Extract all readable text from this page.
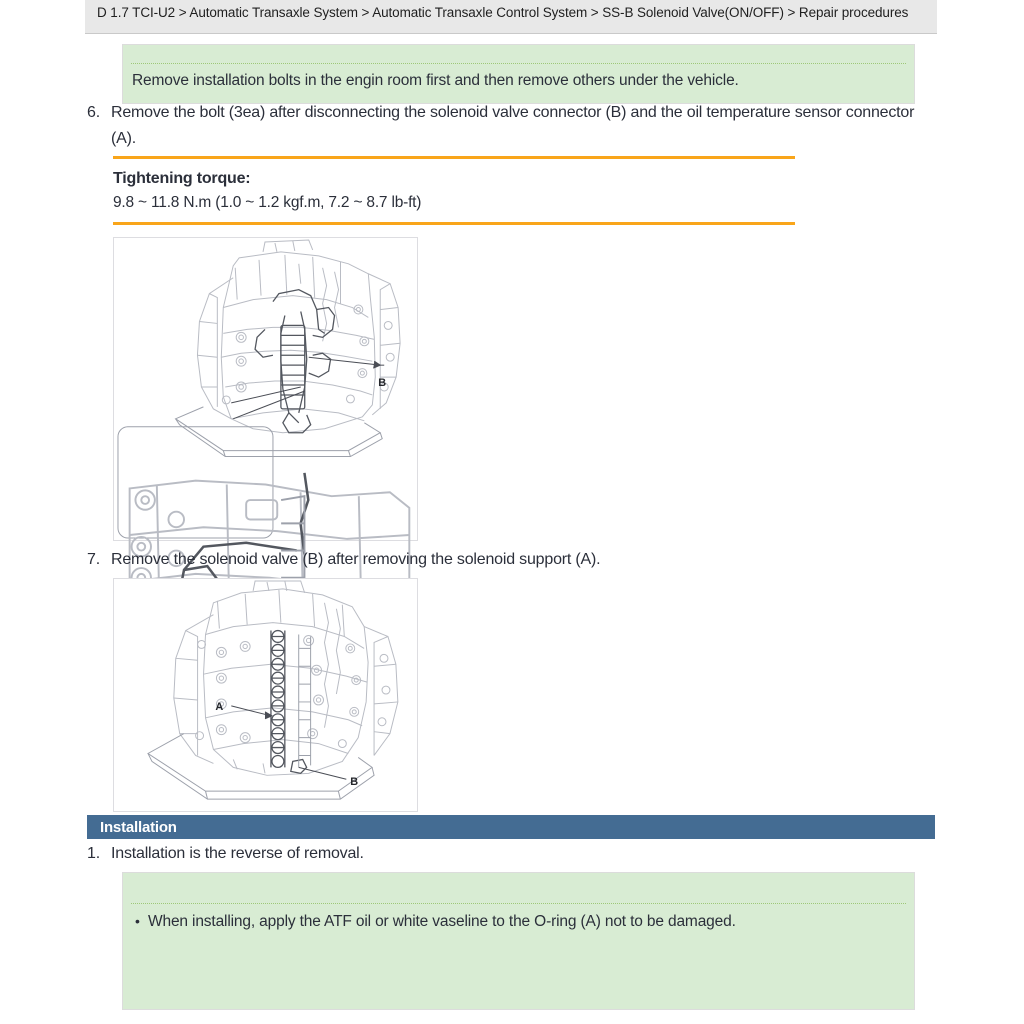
D 1.7 TCI-U2 > Automatic Transaxle System > Automatic Transaxle Control System > SS-B Solenoid Valve(ON/OFF) > Repair procedures
Remove installation bolts in the engin room first and then remove others under the vehicle.
6. Remove the bolt (3ea) after disconnecting the solenoid valve connector (B) and the oil temperature sensor connector (A).
Tightening torque:
9.8 ~ 11.8 N.m (1.0 ~ 1.2 kgf.m, 7.2 ~ 8.7 lb-ft)
B
7. Remove the solenoid valve (B) after removing the solenoid support (A).
A
B
Installation
1. Installation is the reverse of removal.
• When installing, apply the ATF oil or white vaseline to the O-ring (A) not to be damaged.
